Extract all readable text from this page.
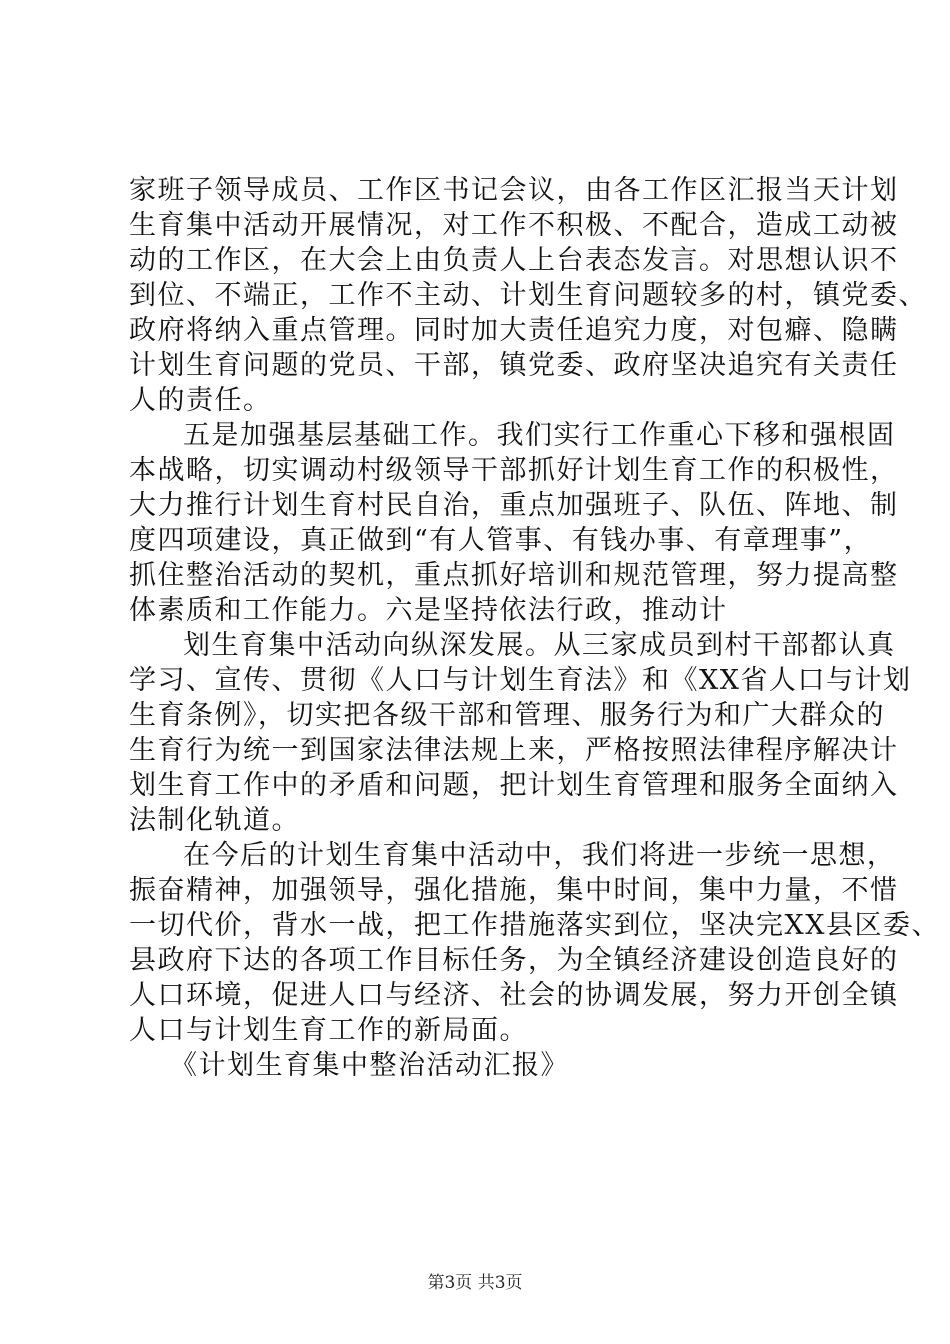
家班子领导成员、工作区书记会议，由各工作区汇报当天计划
生育集中活动开展情况，对工作不积极、不配合，造成工动被
动的工作区，在大会上由负责人上台表态发言。对思想认识不
到位、不端正，工作不主动、计划生育问题较多的村，镇党委、
政府将纳入重点管理。同时加大责任追究力度，对包癖、隐瞒
计划生育问题的党员、干部，镇党委、政府坚决追究有关责任
人的责任。
五是加强基层基础工作。我们实行工作重心下移和强根固
本战略，切实调动村级领导干部抓好计划生育工作的积极性，
大力推行计划生育村民自治，重点加强班子、队伍、阵地、制
度四项建设，真正做到“有人管事、有钱办事、有章理事”，
抓住整治活动的契机，重点抓好培训和规范管理，努力提高整
体素质和工作能力。六是坚持依法行政，推动计
划生育集中活动向纵深发展。从三家成员到村干部都认真
学习、宣传、贯彻《人口与计划生育法》和《XX省人口与计划
生育条例》，切实把各级干部和管理、服务行为和广大群众的
生育行为统一到国家法律法规上来，严格按照法律程序解决计
划生育工作中的矛盾和问题，把计划生育管理和服务全面纳入
法制化轨道。
在今后的计划生育集中活动中，我们将进一步统一思想，
振奋精神，加强领导，强化措施，集中时间，集中力量，不惜
一切代价，背水一战，把工作措施落实到位，坚决完XX县区委、
县政府下达的各项工作目标任务，为全镇经济建设创造良好的
人口环境，促进人口与经济、社会的协调发展，努力开创全镇
人口与计划生育工作的新局面。
《计划生育集中整治活动汇报》
第3页 共3页
